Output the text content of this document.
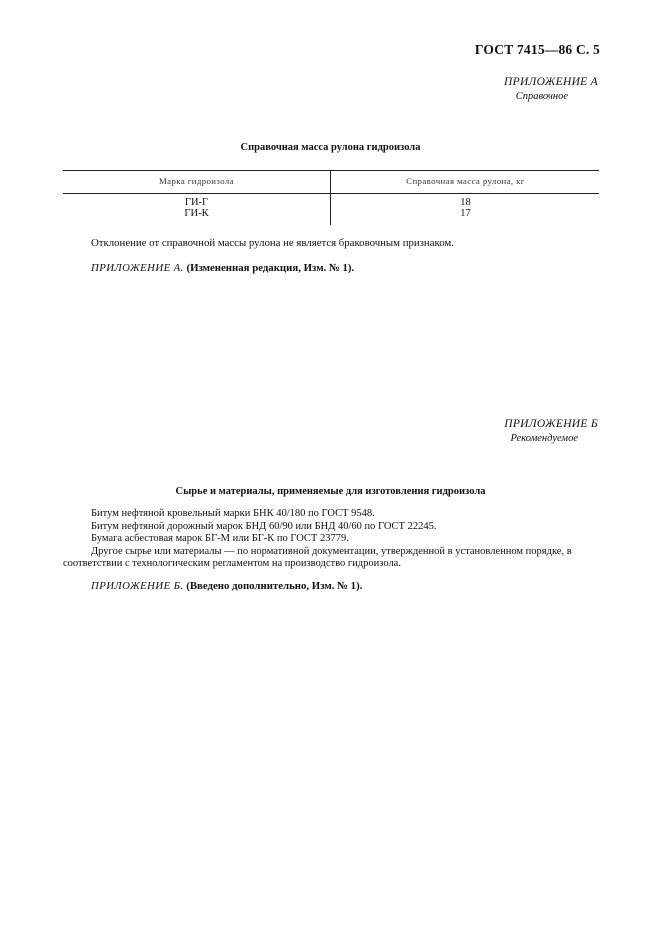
ГОСТ 7415—86 С. 5
ПРИЛОЖЕНИЕ А
Справочное
Справочная масса рулона гидроизола
Марка гидроизола	Справочная масса рулона, кг
ГИ-Г	18
ГИ-К	17
Отклонение от справочной массы рулона не является браковочным признаком.
ПРИЛОЖЕНИЕ А. (Измененная редакция, Изм. № 1).
ПРИЛОЖЕНИЕ Б
Рекомендуемое
Сырье и материалы, применяемые для изготовления гидроизола
Битум нефтяной кровельный марки БНК 40/180 по ГОСТ 9548.
Битум нефтяной дорожный марок БНД 60/90 или БНД 40/60 по ГОСТ 22245.
Бумага асбестовая марок БГ-М или БГ-К по ГОСТ 23779.
Другое сырье или материалы — по нормативной документации, утвержденной в установленном порядке, в соответствии с технологическим регламентом на производство гидроизола.
ПРИЛОЖЕНИЕ Б. (Введено дополнительно, Изм. № 1).
